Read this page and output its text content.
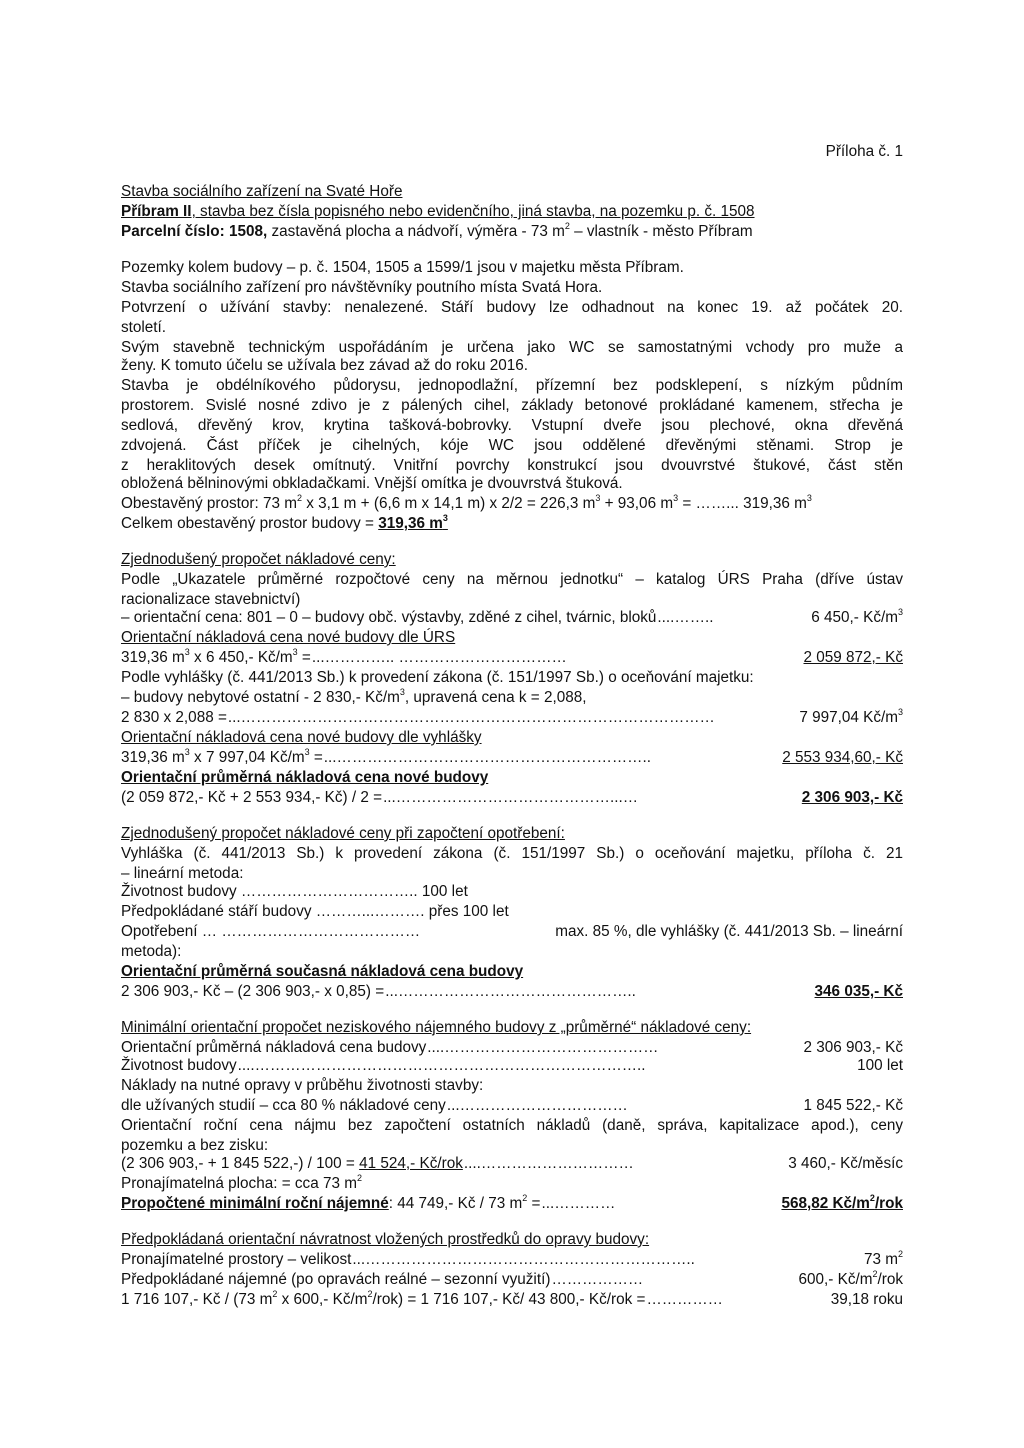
Příloha č. 1
Stavba sociálního zařízení na Svaté Hoře
Příbram II, stavba bez čísla popisného nebo evidenčního, jiná stavba, na pozemku p. č. 1508
Parcelní číslo: 1508, zastavěná plocha a nádvoří, výměra - 73 $m^2$ – vlastník - město Příbram
Pozemky kolem budovy – p. č. 1504, 1505 a 1599/1 jsou v majetku města Příbram.
Stavba sociálního zařízení pro návštěvníky poutního místa Svatá Hora.
Potvrzení o užívání stavby: nenalezené. Stáří budovy lze odhadnout na konec 19. až počátek 20.
století.
Svým stavebně technickým uspořádáním je určena jako WC se samostatnými vchody pro muže a
ženy. K tomuto účelu se užívala bez závad až do roku 2016.
Stavba je obdélníkového půdorysu, jednopodlažní, přízemní bez podsklepení, s nízkým půdním
prostorem. Svislé nosné zdivo je z pálených cihel, základy betonové prokládané kamenem, střecha je
sedlová, dřevěný krov, krytina tašková-bobrovky. Vstupní dveře jsou plechové, okna dřevěná
zdvojená. Část příček je cihelných, kóje WC jsou oddělené dřevěnými stěnami. Strop je
z heraklitových desek omítnutý. Vnitřní povrchy konstrukcí jsou dvouvrstvé štukové, část stěn
obložená bělninovými obkladačkami. Vnější omítka je dvouvrstvá štuková.
Obestavěný prostor: 73 $m^2$ x 3,1 m + (6,6 m x 14,1 m) x 2/2 = 226,3 $m^3 + 93,06$ $m^3$ = ……... 319,36 $m^3$
Celkem obestavěný prostor budovy = 319,36 $m^3$
Zjednodušený propočet nákladové ceny:
Podle „Ukazatele průměrné rozpočtové ceny na měrnou jednotku“ – katalog ÚRS Praha (dříve ústav
racionalizace stavebnictví)
– orientační cena: 801 – 0 – budovy obč. výstavby, zděné z cihel, tvárnic, bloků ....……..	6 450,- $Kč/m^3$
Orientační nákladová cena nové budovy dle ÚRS
319,36 $m^3$ x 6 450,- $Kč/m^3$ = ...………….. ……………………………	2 059 872,- Kč
Podle vyhlášky (č. 441/2013 Sb.) k provedení zákona (č. 151/1997 Sb.) o oceňování majetku:
– budovy nebytové ostatní - 2 830,- $Kč/m^3$, upravená cena k = 2,088,
2 830 x 2,088 = ...…………………………………………………………………………………	7 997,04 $Kč/m^3$
Orientační nákladová cena nové budovy dle vyhlášky
319,36 $m^3$ x 7 997,04 $Kč/m^3$ = ...……………………………………………………..	2 553 934,60,- Kč
Orientační průměrná nákladová cena nové budovy
(2 059 872,- Kč + 2 553 934,- Kč) / 2 = ...……………………………………...…	2 306 903,- Kč
Zjednodušený propočet nákladové ceny při započtení opotřebení:
Vyhláška (č. 441/2013 Sb.) k provedení zákona (č. 151/1997 Sb.) o oceňování majetku, příloha č. 21
– lineární metoda:
Životnost budovy …………………………….. 100 let
Předpokládané stáří budovy ………...………. přes 100 let
Opotřebení … …………………………………	max. 85 %, dle vyhlášky (č. 441/2013 Sb. – lineární
metoda):
Orientační průměrná současná nákladová cena budovy
2 306 903,- Kč – (2 306 903,- x 0,85) = ...………………………………………..	346 035,- Kč
Minimální orientační propočet neziskového nájemného budovy z „průměrné“ nákladové ceny:
Orientační průměrná nákladová cena budovy ....……………………………………	2 306 903,- Kč
Životnost budovy ....…………………………………………………………………..	100 let
Náklady na nutné opravy v průběhu životnosti stavby:
dle užívaných studií – cca 80 % nákladové ceny ...……………………………	1 845 522,- Kč
Orientační roční cena nájmu bez započtení ostatních nákladů (daně, správa, kapitalizace apod.), ceny
pozemku a bez zisku:
(2 306 903,- + 1 845 522,-) / 100 = 41 524,- Kč/rok ....…………………………	3 460,- Kč/měsíc
Pronajímatelná plocha: = cca 73 $m^2$
Propočtené minimální roční nájemné: 44 749,- Kč / 73 $m^2$ = ...…………	568,82 $Kč/m^2$/rok
Předpokládaná orientační návratnost vložených prostředků do opravy budovy:
Pronajímatelné prostory – velikost ...………………………………………………………..	73 $m^2$
Předpokládané nájemné (po opravách reálné – sezonní využití) ………………	600,- $Kč/m^2$/rok
1 716 107,- Kč / (73 $m^2$ x 600,- $Kč/m^2/rok) = 1$ 716 107,- Kč/ 43 800,- Kč/rok = ……………	39,18 roku
